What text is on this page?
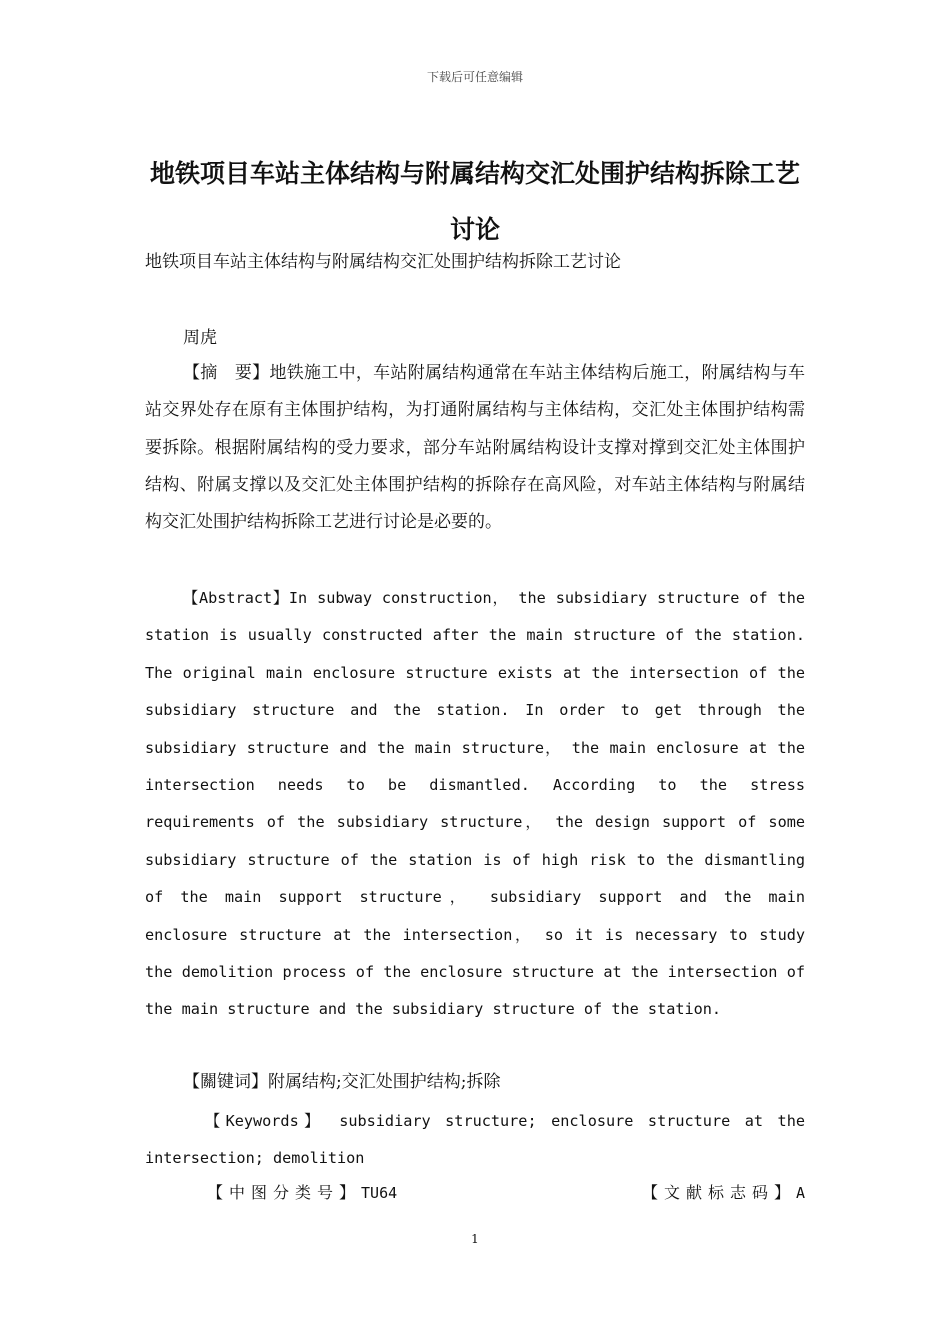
下载后可任意编辑
地铁项目车站主体结构与附属结构交汇处围护结构拆除工艺讨论
地铁项目车站主体结构与附属结构交汇处围护结构拆除工艺讨论
周虎

【摘　要】地铁施工中，车站附属结构通常在车站主体结构后施工，附属结构与车站交界处存在原有主体围护结构，为打通附属结构与主体结构，交汇处主体围护结构需要拆除。根据附属结构的受力要求，部分车站附属结构设计支撑对撑到交汇处主体围护结构、附属支撑以及交汇处主体围护结构的拆除存在高风险，对车站主体结构与附属结构交汇处围护结构拆除工艺进行讨论是必要的。

【Abstract】In subway construction， the subsidiary structure of the station is usually constructed after the main structure of the station. The original main enclosure structure exists at the intersection of the subsidiary structure and the station. In order to get through the subsidiary structure and the main structure， the main enclosure at the intersection needs to be dismantled. According to the stress requirements of the subsidiary structure， the design support of some subsidiary structure of the station is of high risk to the dismantling of the main support structure， subsidiary support and the main enclosure structure at the intersection， so it is necessary to study the demolition process of the enclosure structure at the intersection of the main structure and the subsidiary structure of the station.

【關键词】附属结构;交汇处围护结构;拆除

【Keywords】 subsidiary structure; enclosure structure at the intersection; demolition

【中图分类号】TU64	【文献标志码】A
1
